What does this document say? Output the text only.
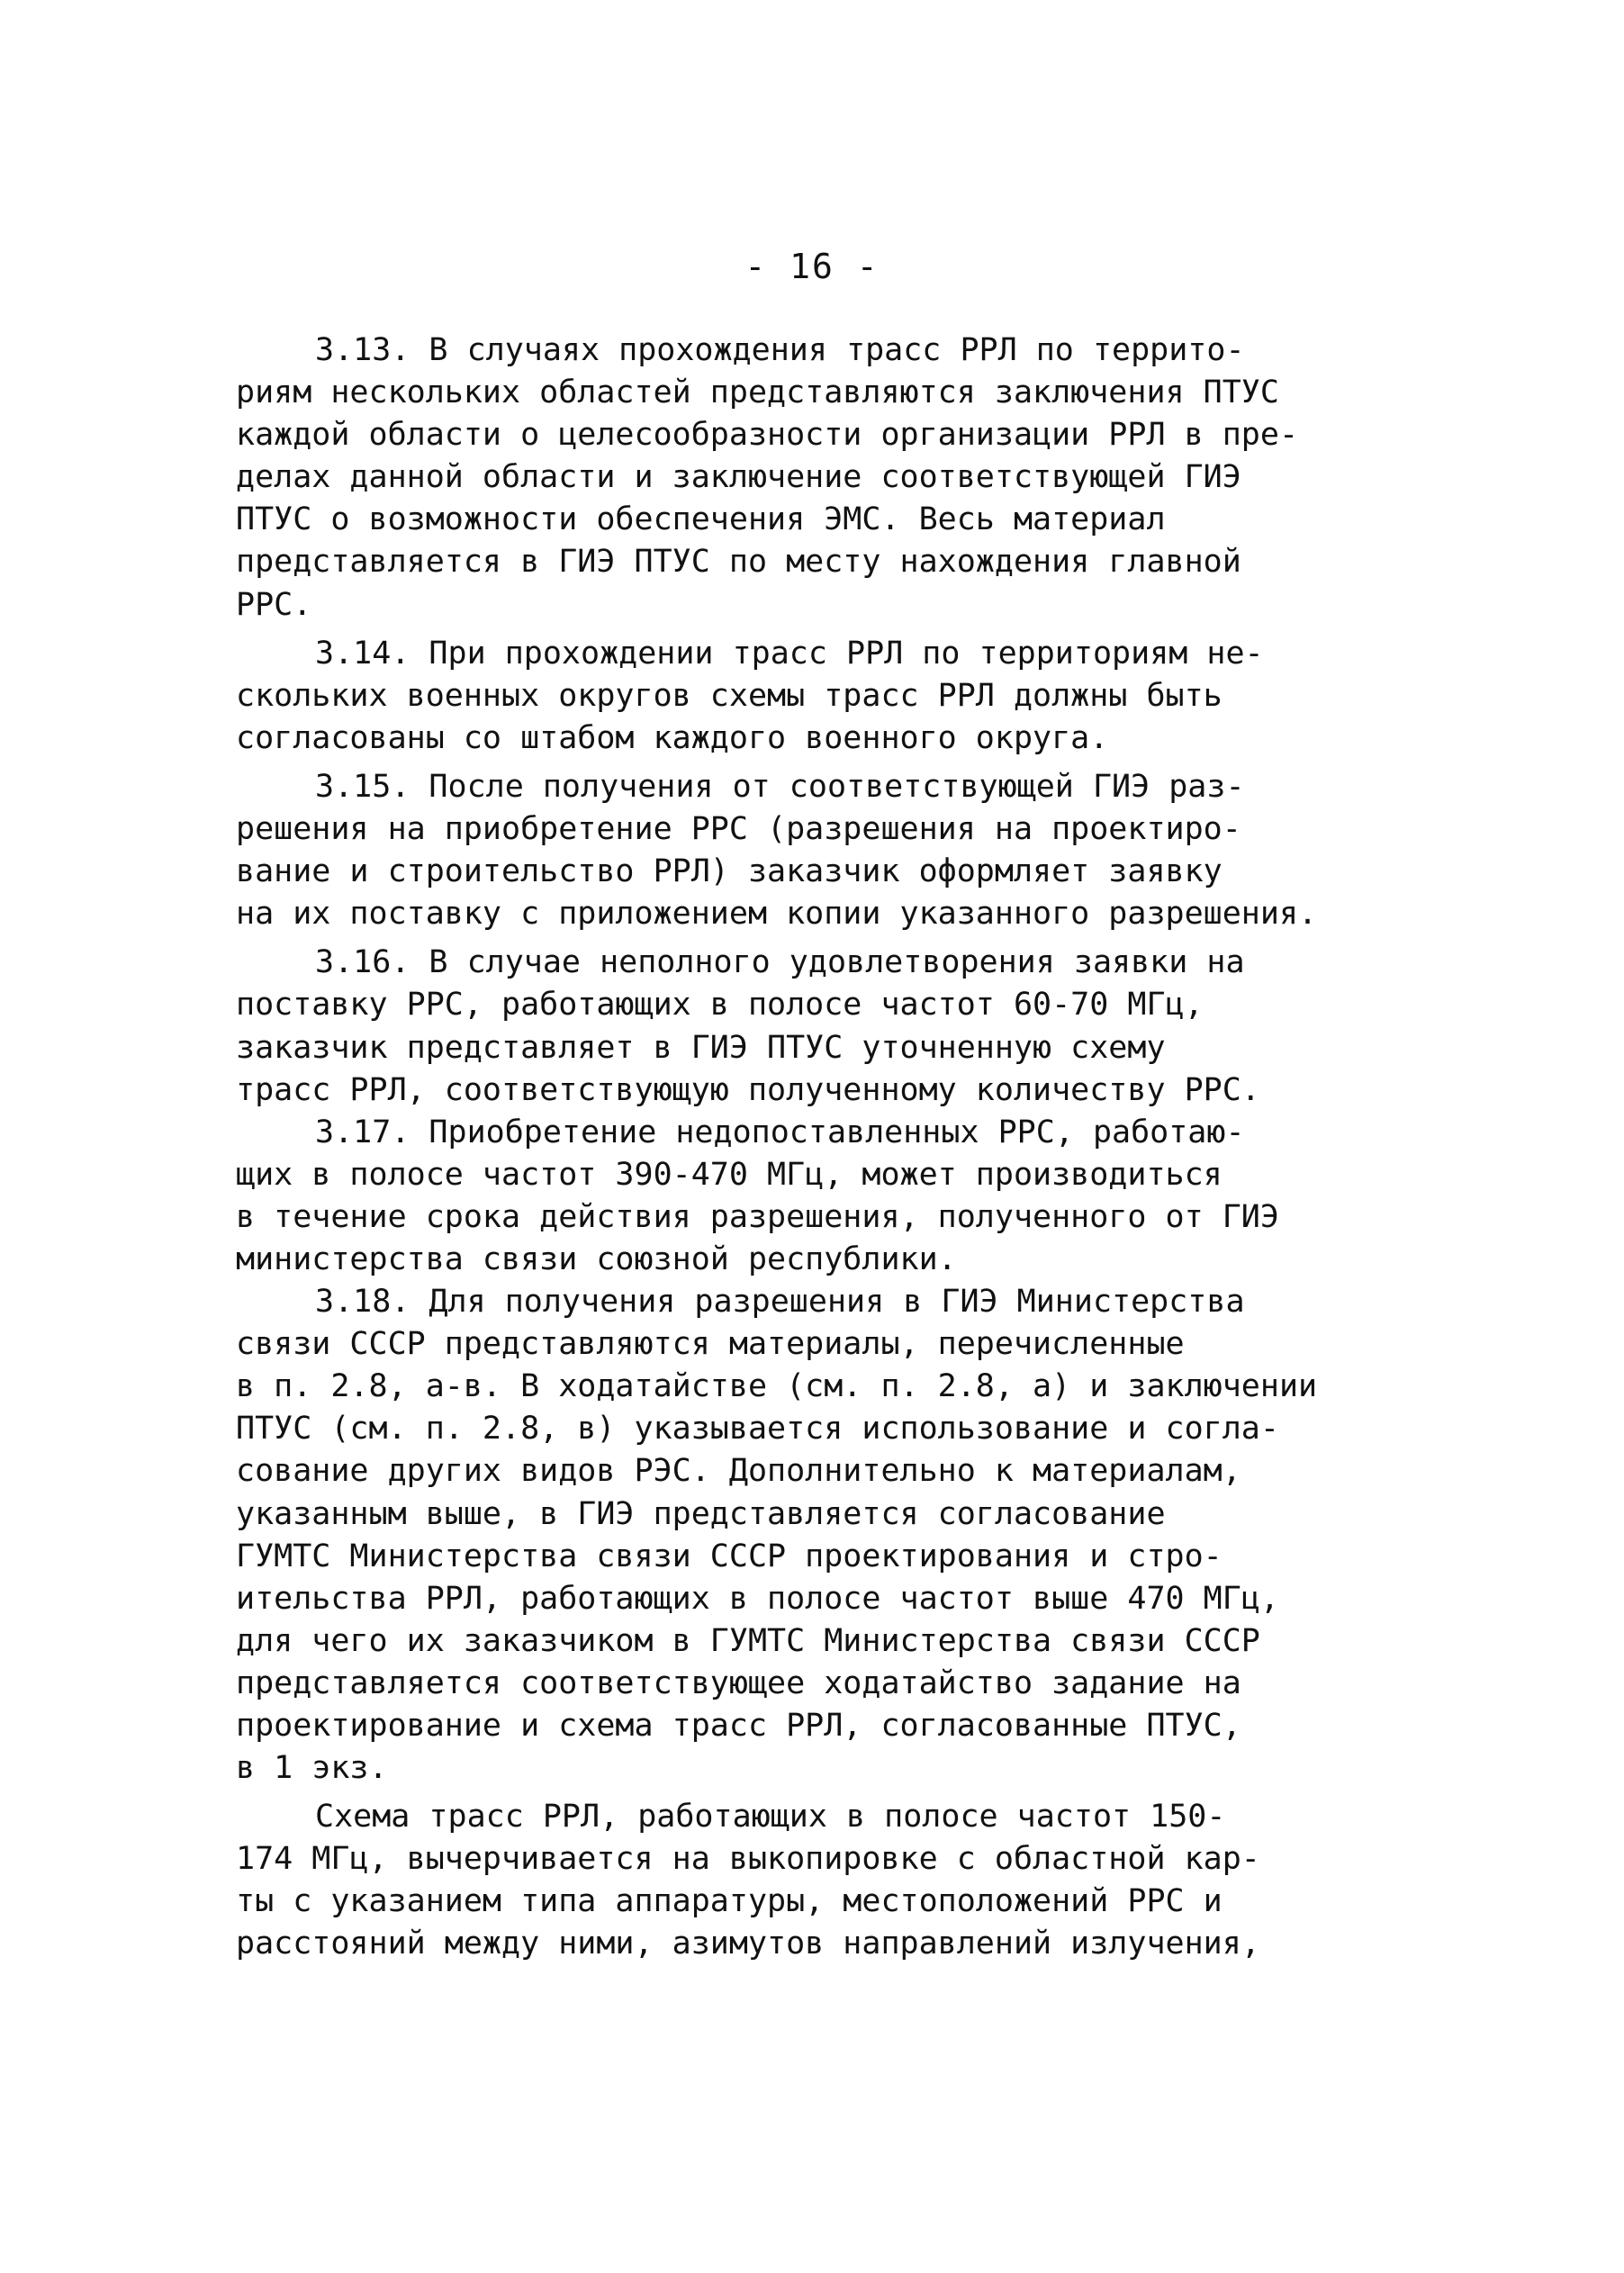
- 16 -
3.13. В случаях прохождения трасс РРЛ по террито-
риям нескольких областей представляются заключения ПТУС
каждой области о целесообразности организации РРЛ в пре-
делах данной области и заключение соответствующей ГИЭ
ПТУС о возможности обеспечения ЭМС. Весь материал
представляется в ГИЭ ПТУС по месту нахождения главной
РРС.
3.14. При прохождении трасс РРЛ по территориям не-
скольких военных округов схемы трасс РРЛ должны быть
согласованы со штабом каждого военного округа.
3.15. После получения от соответствующей ГИЭ раз-
решения на приобретение РРС (разрешения на проектиро-
вание и строительство РРЛ) заказчик оформляет заявку
на их поставку с приложением копии указанного разрешения.
3.16. В случае неполного удовлетворения заявки на
поставку РРС, работающих в полосе частот 60-70 МГц,
заказчик представляет в ГИЭ ПТУС уточненную схему
трасс РРЛ, соответствующую полученному количеству РРС.
3.17. Приобретение недопоставленных РРС, работаю-
щих в полосе частот 390-470 МГц, может производиться
в течение срока действия разрешения, полученного от ГИЭ
министерства связи союзной республики.
3.18. Для получения разрешения в ГИЭ Министерства
связи СССР представляются материалы, перечисленные
в п. 2.8, а-в. В ходатайстве (см. п. 2.8, а) и заключении
ПТУС (см. п. 2.8, в) указывается использование и согла-
сование других видов РЭС. Дополнительно к материалам,
указанным выше, в ГИЭ представляется согласование
ГУМТС Министерства связи СССР проектирования и стро-
ительства РРЛ, работающих в полосе частот выше 470 МГц,
для чего их заказчиком в ГУМТС Министерства связи СССР
представляется соответствующее ходатайство задание на
проектирование и схема трасс РРЛ, согласованные ПТУС,
в 1 экз.
Схема трасс РРЛ, работающих в полосе частот 150-
174 МГц, вычерчивается на выкопировке с областной кар-
ты с указанием типа аппаратуры, местоположений РРС и
расстояний между ними, азимутов направлений излучения,
